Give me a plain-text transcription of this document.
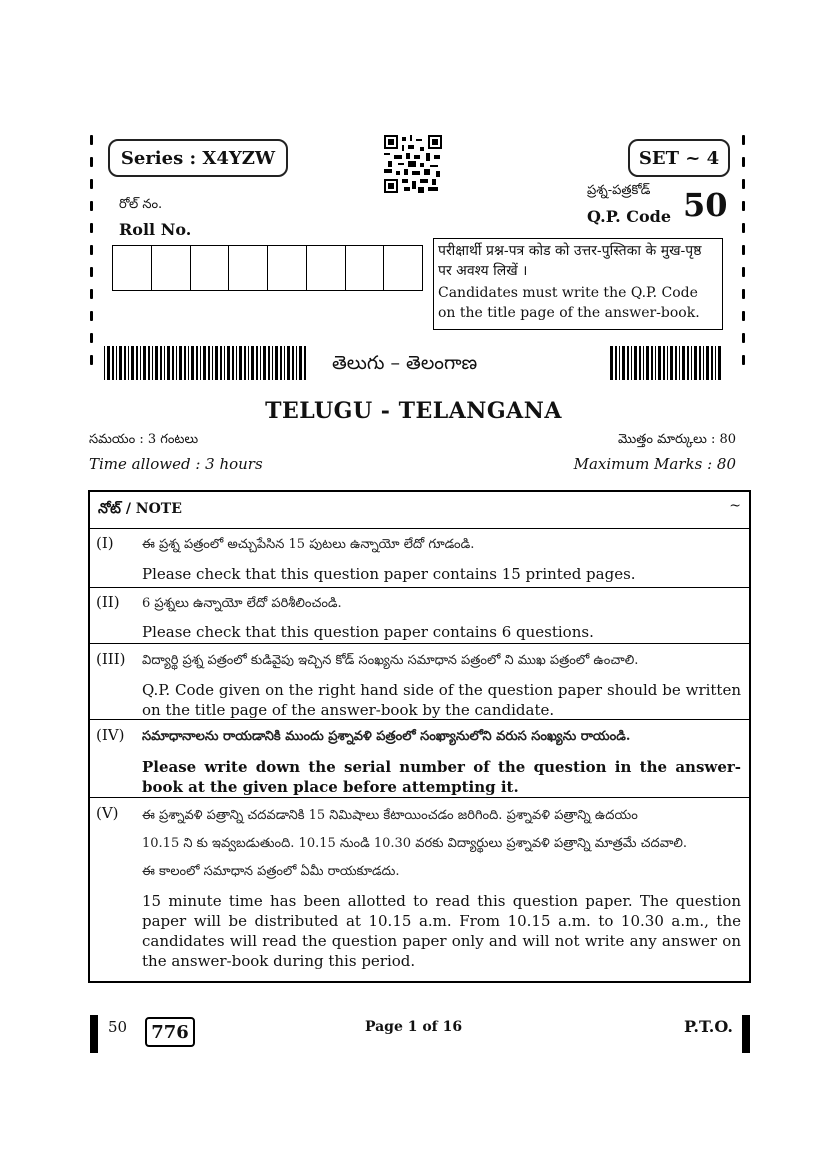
Series : X4YZW	SET ~ 4
రోల్ నం.
Roll No.
ప్రశ్న-పత్రకోడ్
Q.P. Code 50
परीक्षार्थी प्रश्न-पत्र कोड को उत्तर-पुस्तिका के मुख-पृष्ठ पर अवश्य लिखें ।
Candidates must write the Q.P. Code on the title page of the answer-book.
తెలుగు – తెలంగాణ
TELUGU - TELANGANA
సమయం : 3 గంటలు	మొత్తం మార్కులు : 80
Time allowed : 3 hours	Maximum Marks : 80
నోట్ / NOTE	~
(I) ఈ ప్రశ్న పత్రంలో అచ్చుపేసిన 15 పుటలు ఉన్నాయో లేదో గూడండి.
Please check that this question paper contains 15 printed pages.
(II) 6 ప్రశ్నలు ఉన్నాయో లేదో పరిశీలించండి.
Please check that this question paper contains 6 questions.
(III) విద్యార్థి ప్రశ్న పత్రంలో కుడివైపు ఇచ్చిన కోడ్ సంఖ్యను సమాధాన పత్రంలో ని ముఖ పత్రంలో ఉంచాలి.
Q.P. Code given on the right hand side of the question paper should be written on the title page of the answer-book by the candidate.
(IV) సమాధానాలను రాయడానికి ముందు ప్రశ్నావళి పత్రంలో సంఖ్యానులోని వరుస సంఖ్యను రాయండి.
Please write down the serial number of the question in the answer-book at the given place before attempting it.
(V) ఈ ప్రశ్నావళి పత్రాన్ని చదవడానికి 15 నిమిషాలు కేటాయించడం జరిగింది. ప్రశ్నావళి పత్రాన్ని ఉదయం
10.15 ని కు ఇవ్వబడుతుంది. 10.15 నుండి 10.30 వరకు విద్యార్థులు ప్రశ్నావళి పత్రాన్ని మాత్రమే చదవాలి.
ఈ కాలంలో సమాధాన పత్రంలో ఏమీ రాయకూడదు.
15 minute time has been allotted to read this question paper. The question paper will be distributed at 10.15 a.m. From 10.15 a.m. to 10.30 a.m., the candidates will read the question paper only and will not write any answer on the answer-book during this period.
50	776	Page 1 of 16	P.T.O.
